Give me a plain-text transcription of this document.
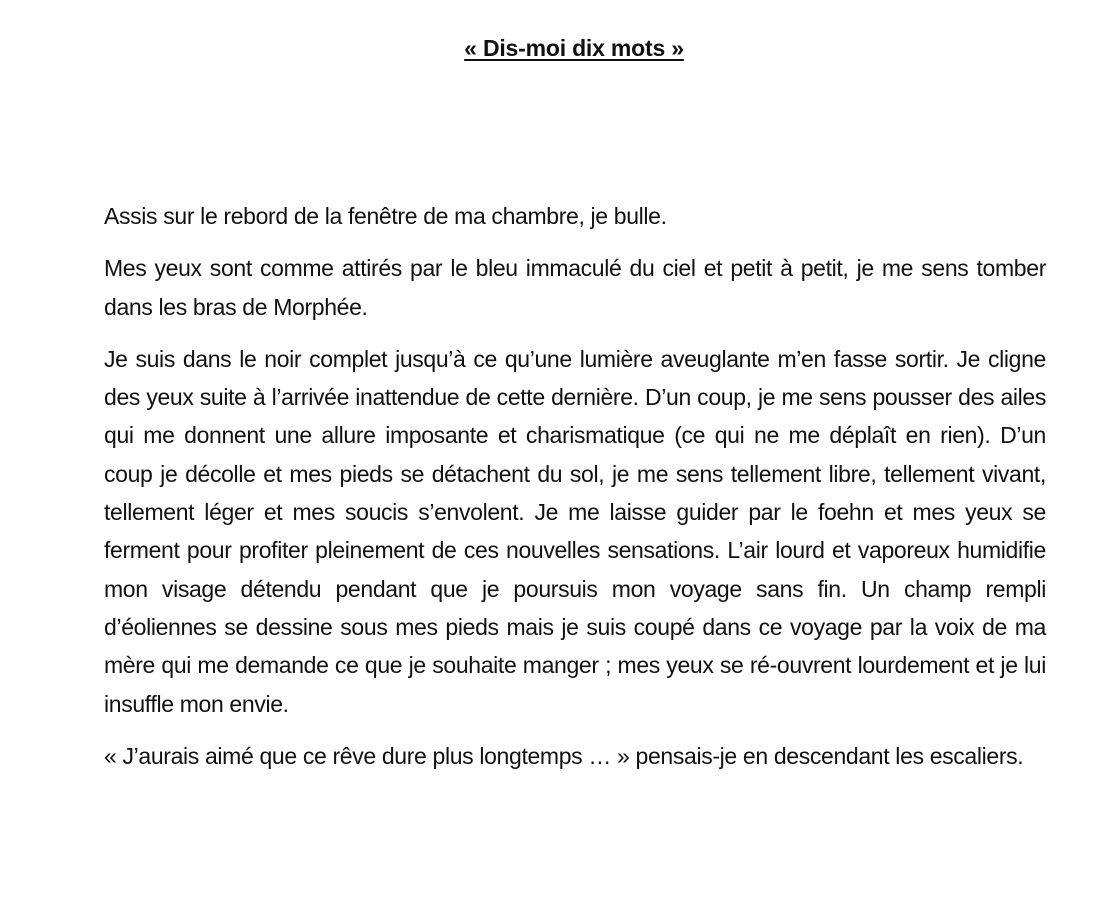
« Dis-moi dix mots »

Assis sur le rebord de la fenêtre de ma chambre, je bulle.

Mes yeux sont comme attirés par le bleu immaculé du ciel et petit à petit, je me sens tomber dans les bras de Morphée.

Je suis dans le noir complet jusqu’à ce qu’une lumière aveuglante m’en fasse sortir. Je cligne des yeux suite à l’arrivée inattendue de cette dernière. D’un coup, je me sens pousser des ailes qui me donnent une allure imposante et charismatique (ce qui ne me déplaît en rien). D’un coup je décolle et mes pieds se détachent du sol, je me sens tellement libre, tellement vivant, tellement léger et mes soucis s’envolent. Je me laisse guider par le foehn et mes yeux se ferment pour profiter pleinement de ces nouvelles sensations. L’air lourd et vaporeux humidifie mon visage détendu pendant que je poursuis mon voyage sans fin. Un champ rempli d’éoliennes se dessine sous mes pieds mais je suis coupé dans ce voyage par la voix de ma mère qui me demande ce que je souhaite manger ; mes yeux se ré-ouvrent lourdement et je lui insuffle mon envie.

« J’aurais aimé que ce rêve dure plus longtemps … » pensais-je en descendant les escaliers.
